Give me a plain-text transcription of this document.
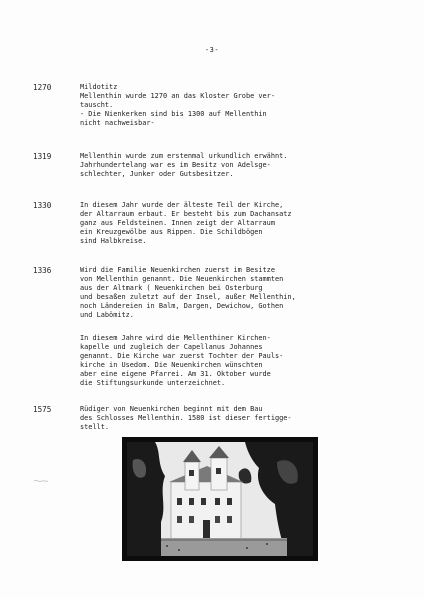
-3-
1270	Mildotitz
Mellenthin wurde 1270 an das Kloster Grobe ver-
tauscht.
- Die Nienkerken sind bis 1300 auf Mellenthin
nicht nachweisbar-
1319	Mellenthin wurde zum erstenmal urkundlich erwähnt.
Jahrhundertelang war es im Besitz von Adelsge-
schlechter, Junker oder Gutsbesitzer.
1330	In diesem Jahr wurde der älteste Teil der Kirche,
der Altarraum erbaut. Er besteht bis zum Dachansatz
ganz aus Feldsteinen. Innen zeigt der Altarraum
ein Kreuzgewölbe aus Rippen. Die Schildbögen
sind Halbkreise.
1336	Wird die Familie Neuenkirchen zuerst im Besitze
von Mellenthin genannt. Die Neuenkirchen stammten
aus der Altmark ( Neuenkirchen bei Osterburg
und besaßen zuletzt auf der Insel, außer Mellenthin,
noch Ländereien in Balm, Dargen, Dewichow, Gothen
und Labömitz.
In diesem Jahre wird die Mellenthiner Kirchen-
kapelle und zugleich der Capellanus Johannes
genannt. Die Kirche war zuerst Tochter der Pauls-
kirche in Usedom. Die Neuenkirchen wünschten
aber eine eigene Pfarrei. Am 31. Oktober wurde
die Stiftungsurkunde unterzeichnet.
1575	Rüdiger von Neuenkirchen beginnt mit dem Bau
des Schlosses Mellenthin. 1580 ist dieser fertigge-
stellt.
